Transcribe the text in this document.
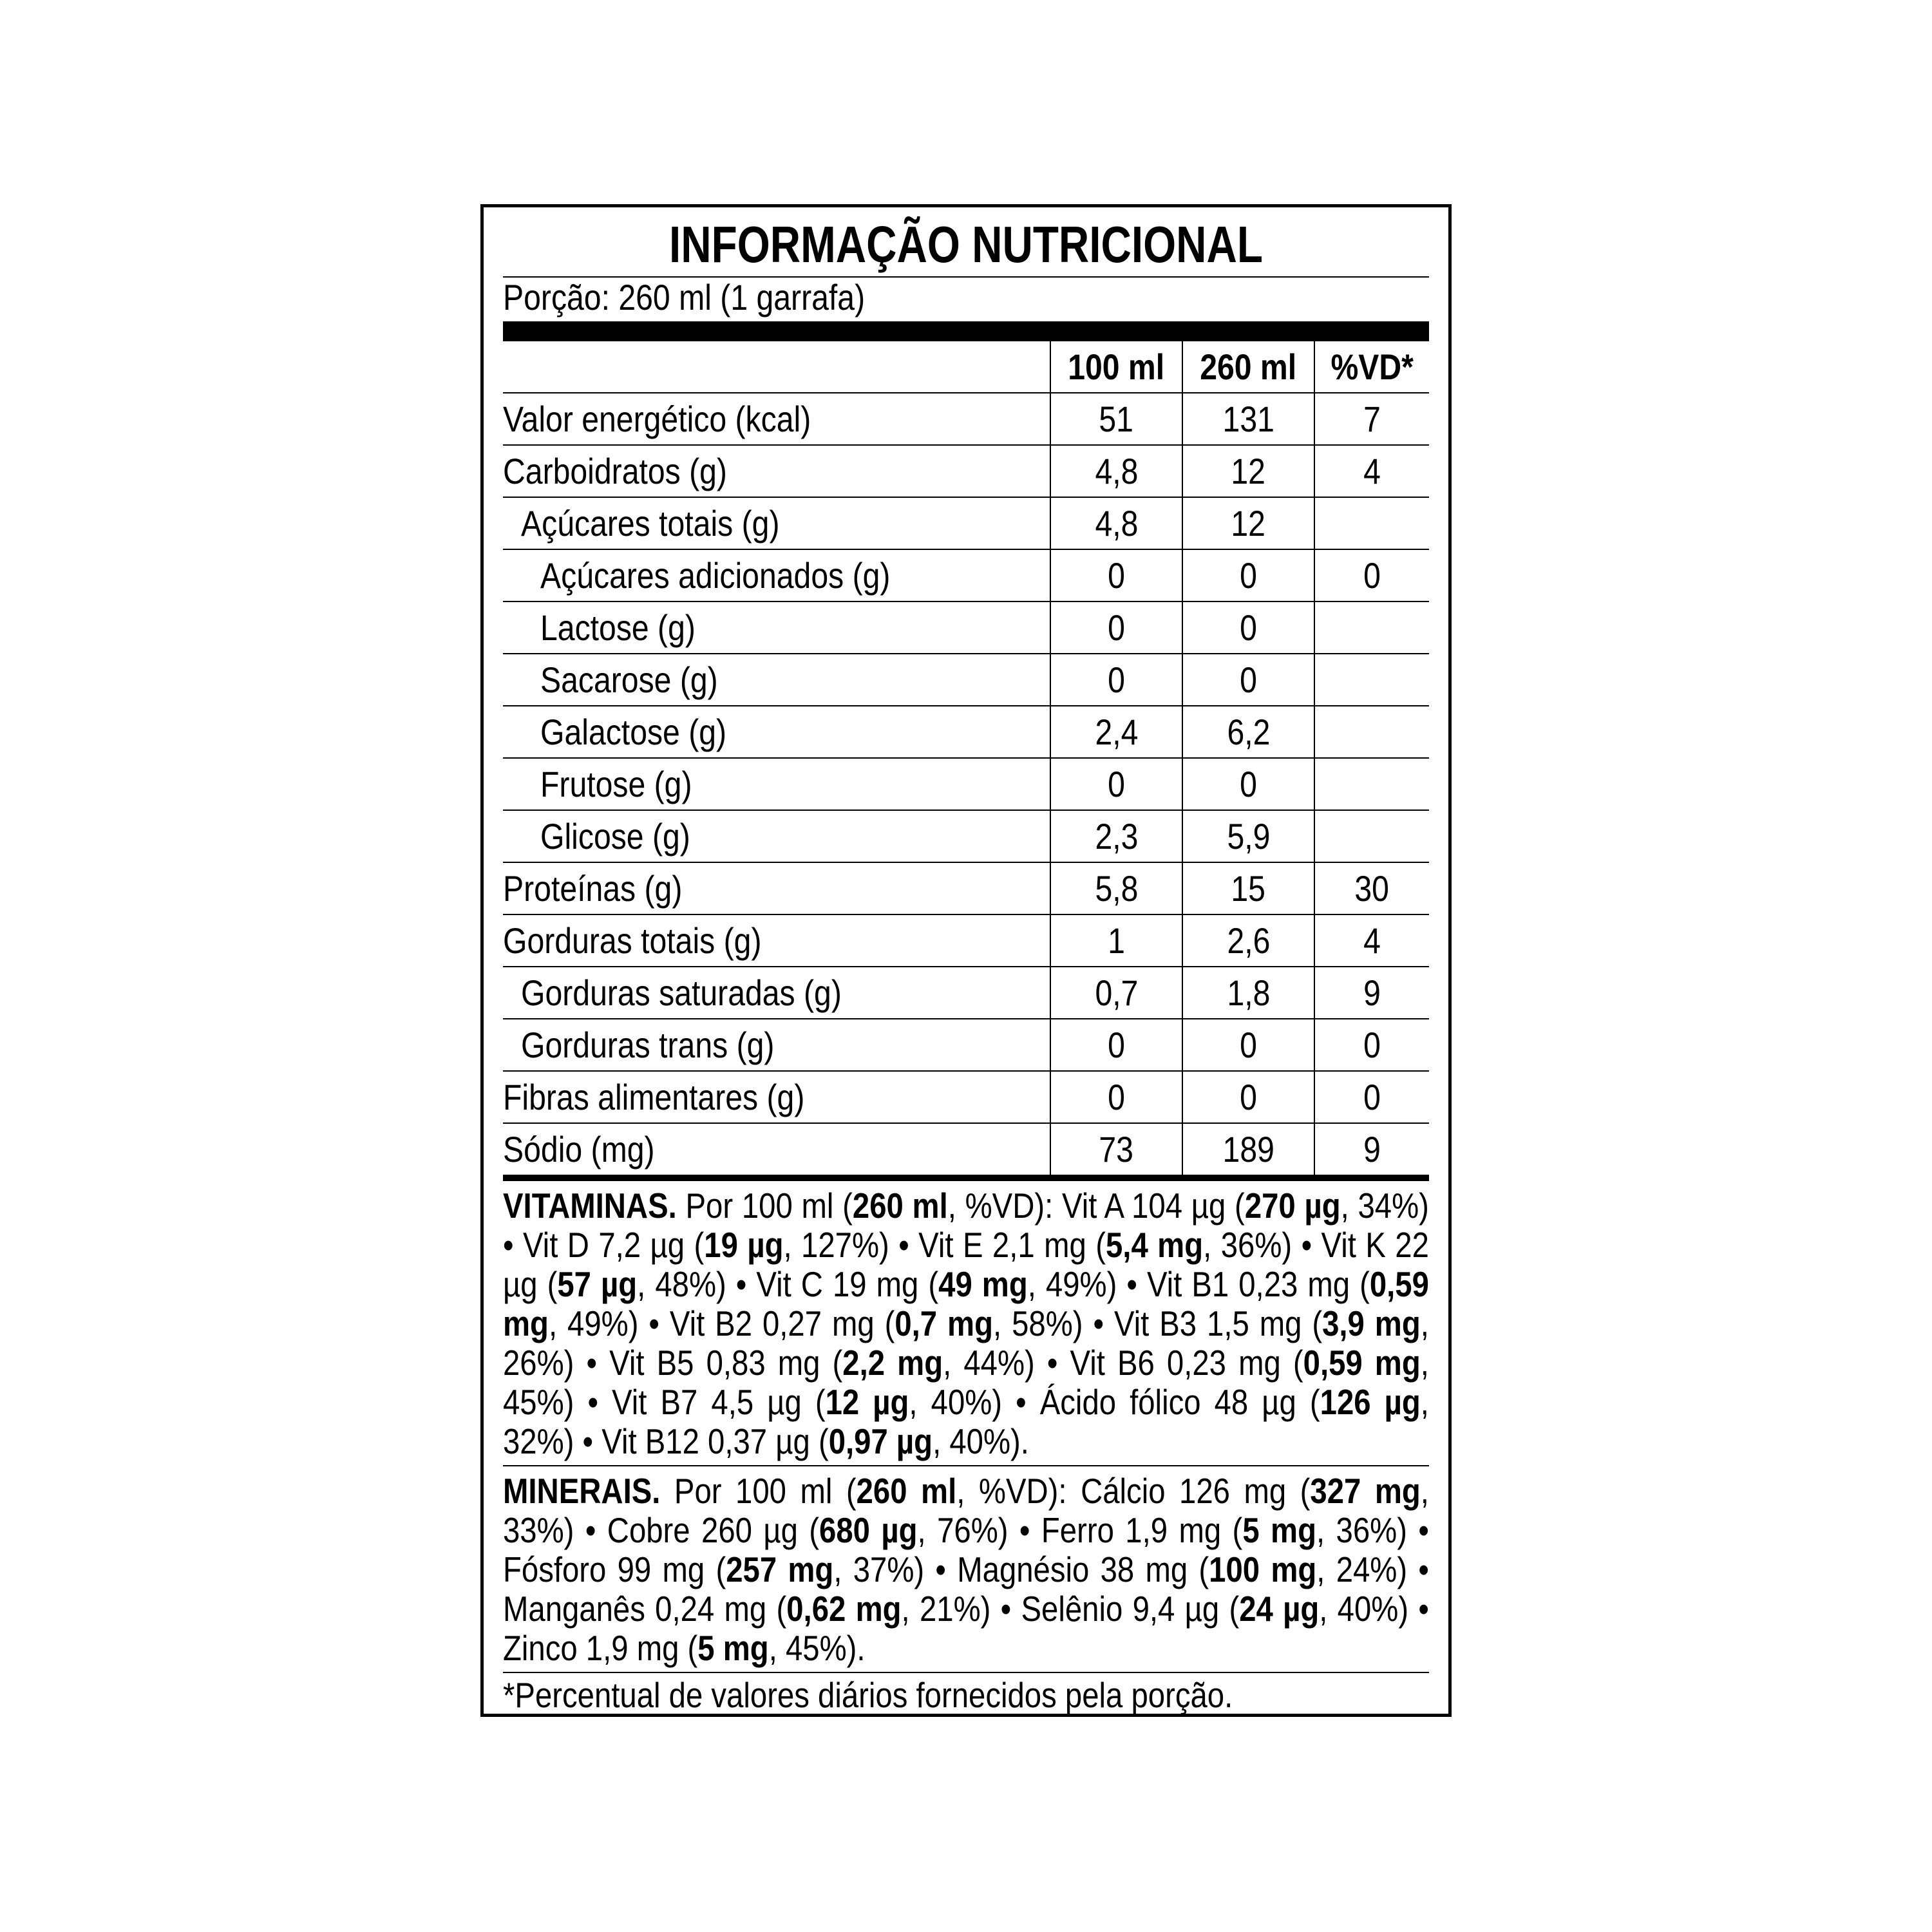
INFORMAÇÃO NUTRICIONAL
Porção: 260 ml (1 garrafa)
	100 ml	260 ml	%VD*
Valor energético (kcal)	51	131	7
Carboidratos (g)	4,8	12	4
Açúcares totais (g)	4,8	12	
Açúcares adicionados (g)	0	0	0
Lactose (g)	0	0	
Sacarose (g)	0	0	
Galactose (g)	2,4	6,2	
Frutose (g)	0	0	
Glicose (g)	2,3	5,9	
Proteínas (g)	5,8	15	30
Gorduras totais (g)	1	2,6	4
Gorduras saturadas (g)	0,7	1,8	9
Gorduras trans (g)	0	0	0
Fibras alimentares (g)	0	0	0
Sódio (mg)	73	189	9
VITAMINAS. Por 100 ml (260 ml, %VD): Vit A 104 µg (270 µg, 34%) • Vit D 7,2 µg (19 µg, 127%) • Vit E 2,1 mg (5,4 mg, 36%) • Vit K 22 µg (57 µg, 48%) • Vit C 19 mg (49 mg, 49%) • Vit B1 0,23 mg (0,59 mg, 49%) • Vit B2 0,27 mg (0,7 mg, 58%) • Vit B3 1,5 mg (3,9 mg, 26%) • Vit B5 0,83 mg (2,2 mg, 44%) • Vit B6 0,23 mg (0,59 mg, 45%) • Vit B7 4,5 µg (12 µg, 40%) • Ácido fólico 48 µg (126 µg, 32%) • Vit B12 0,37 µg (0,97 µg, 40%).
MINERAIS. Por 100 ml (260 ml, %VD): Cálcio 126 mg (327 mg, 33%) • Cobre 260 µg (680 µg, 76%) • Ferro 1,9 mg (5 mg, 36%) • Fósforo 99 mg (257 mg, 37%) • Magnésio 38 mg (100 mg, 24%) • Manganês 0,24 mg (0,62 mg, 21%) • Selênio 9,4 µg (24 µg, 40%) • Zinco 1,9 mg (5 mg, 45%).
*Percentual de valores diários fornecidos pela porção.
